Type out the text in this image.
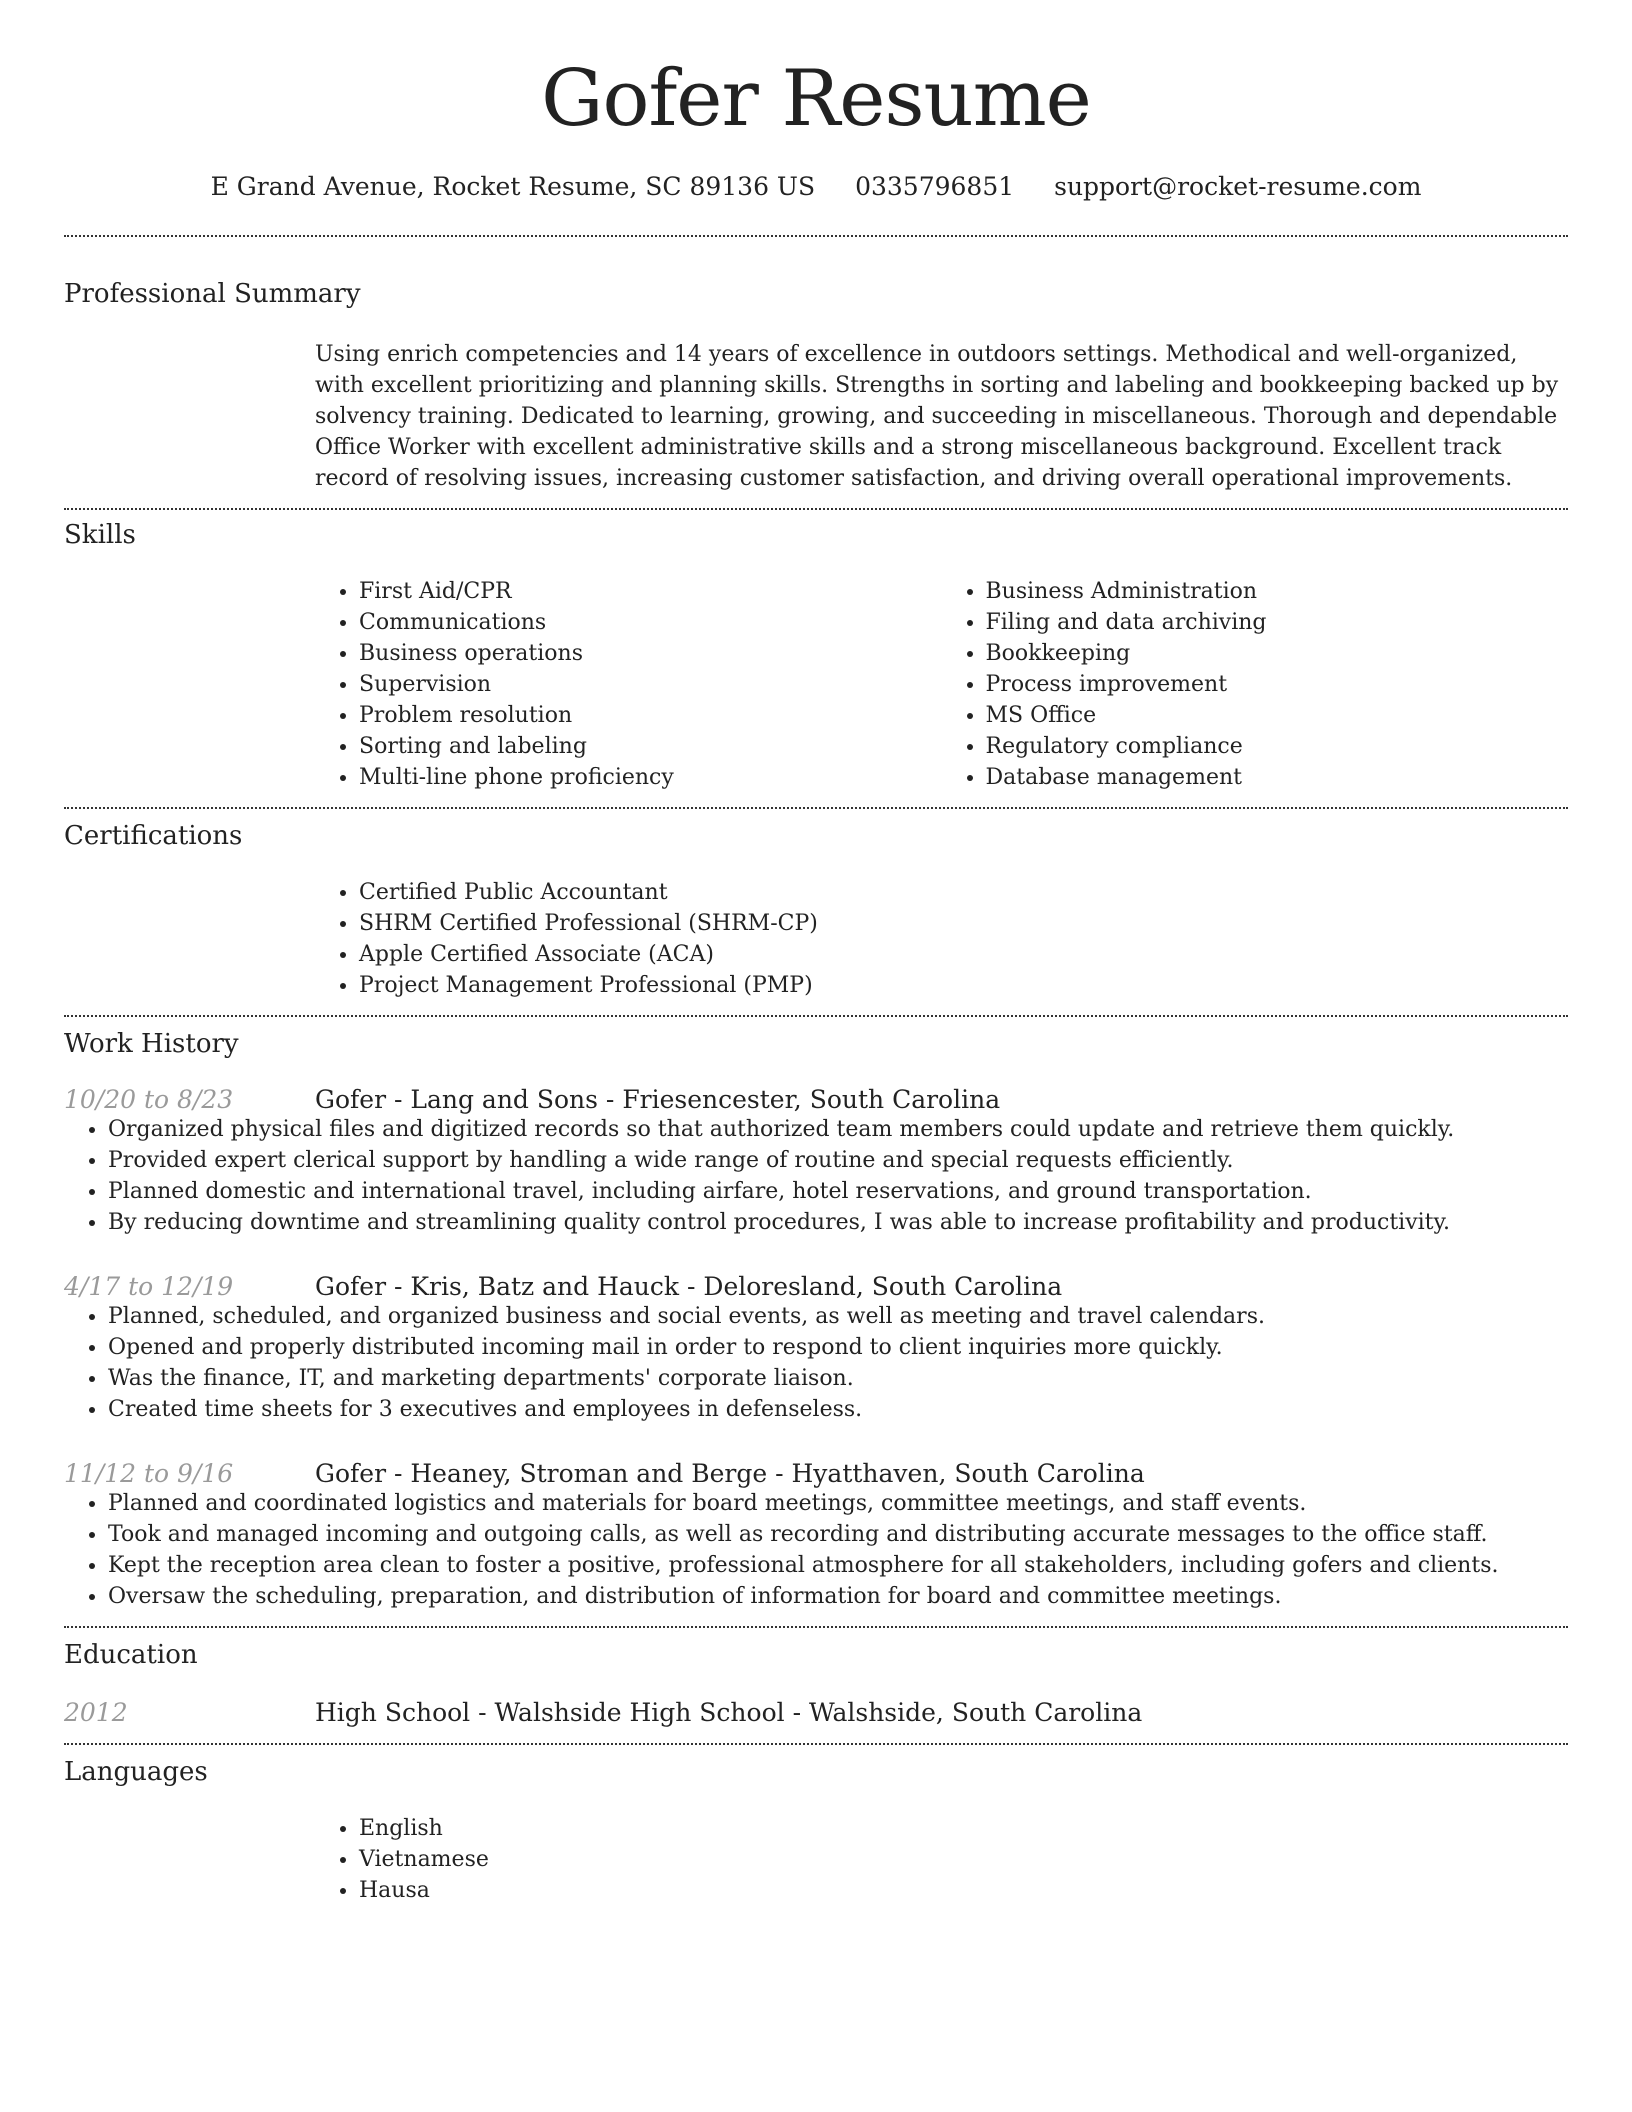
Gofer Resume
E Grand Avenue, Rocket Resume, SC 89136 US 0335796851 support@rocket-resume.com
Professional Summary

Using enrich competencies and 14 years of excellence in outdoors settings. Methodical and well-organized, with excellent prioritizing and planning skills. Strengths in sorting and labeling and bookkeeping backed up by solvency training. Dedicated to learning, growing, and succeeding in miscellaneous. Thorough and dependable Office Worker with excellent administrative skills and a strong miscellaneous background. Excellent track record of resolving issues, increasing customer satisfaction, and driving overall operational improvements.

Skills
• First Aid/CPR
• Communications
• Business operations
• Supervision
• Problem resolution
• Sorting and labeling
• Multi-line phone proficiency
• Business Administration
• Filing and data archiving
• Bookkeeping
• Process improvement
• MS Office
• Regulatory compliance
• Database management
Certifications
• Certified Public Accountant
• SHRM Certified Professional (SHRM-CP)
• Apple Certified Associate (ACA)
• Project Management Professional (PMP)
Work History
10/20 to 8/23	Gofer - Lang and Sons - Friesencester, South Carolina
• Organized physical files and digitized records so that authorized team members could update and retrieve them quickly.
• Provided expert clerical support by handling a wide range of routine and special requests efficiently.
• Planned domestic and international travel, including airfare, hotel reservations, and ground transportation.
• By reducing downtime and streamlining quality control procedures, I was able to increase profitability and productivity.
4/17 to 12/19	Gofer - Kris, Batz and Hauck - Deloresland, South Carolina
• Planned, scheduled, and organized business and social events, as well as meeting and travel calendars.
• Opened and properly distributed incoming mail in order to respond to client inquiries more quickly.
• Was the finance, IT, and marketing departments' corporate liaison.
• Created time sheets for 3 executives and employees in defenseless.
11/12 to 9/16	Gofer - Heaney, Stroman and Berge - Hyatthaven, South Carolina
• Planned and coordinated logistics and materials for board meetings, committee meetings, and staff events.
• Took and managed incoming and outgoing calls, as well as recording and distributing accurate messages to the office staff.
• Kept the reception area clean to foster a positive, professional atmosphere for all stakeholders, including gofers and clients.
• Oversaw the scheduling, preparation, and distribution of information for board and committee meetings.
Education
2012	High School - Walshside High School - Walshside, South Carolina
Languages
• English
• Vietnamese
• Hausa
